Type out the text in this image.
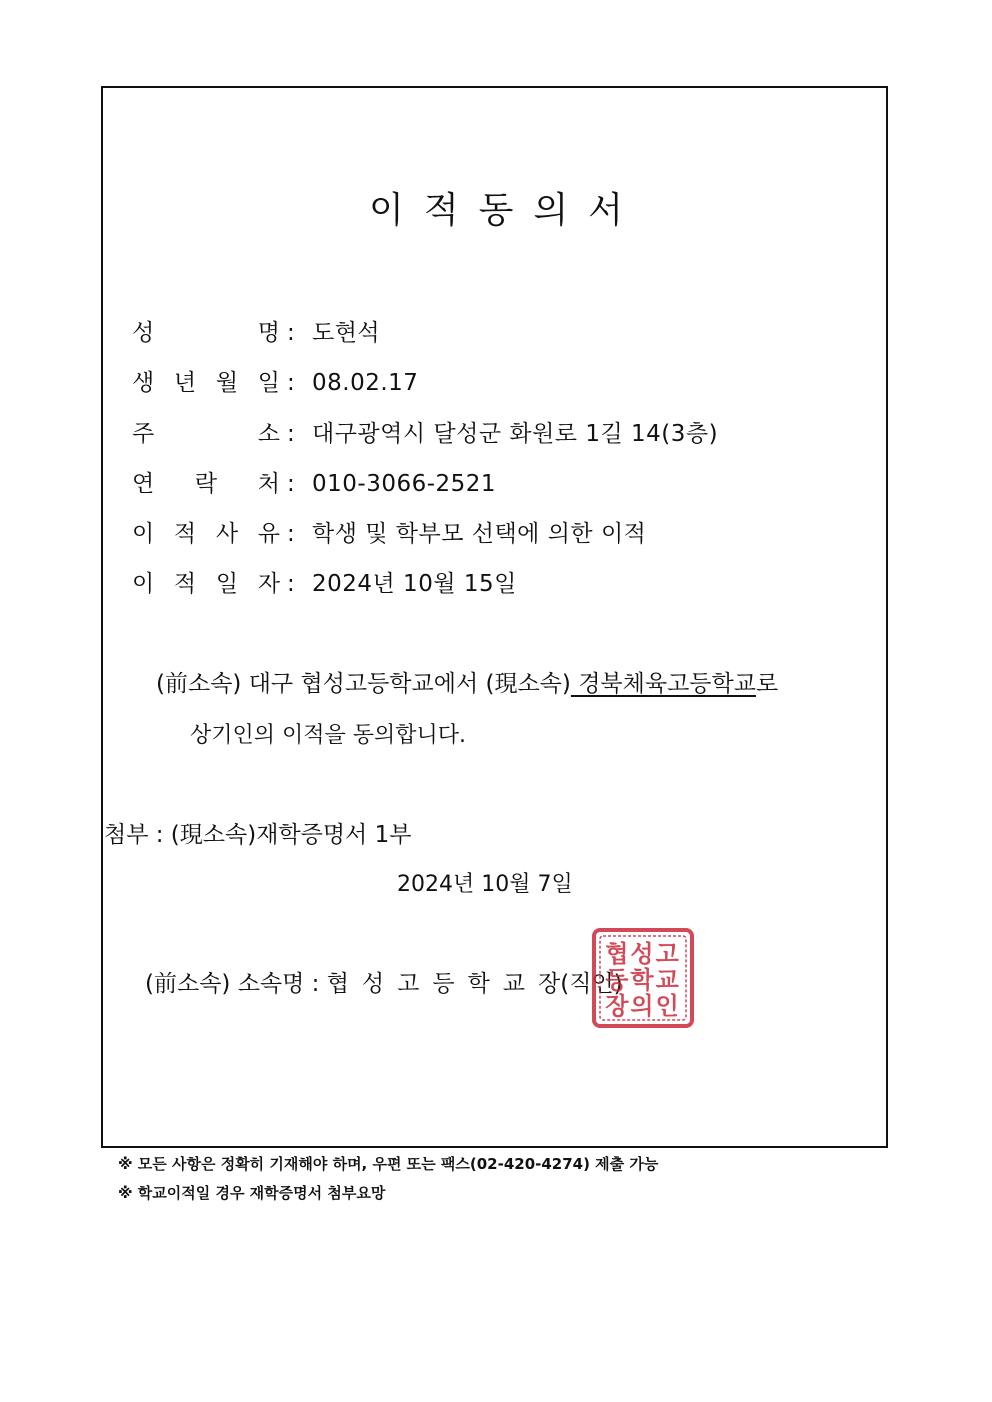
이적동의서
성	명 : 도현석
생 년 월 일 : 08.02.17
주	소 : 대구광역시 달성군 화원로 1길 14(3층)
연 락 처 : 010-3066-2521
이 적 사 유 : 학생 및 학부모 선택에 의한 이적
이 적 일 자 : 2024년 10월 15일
(前소속) 대구 협성고등학교에서 (現소속) 경북체육고등학교로
상기인의 이적을 동의합니다.
첨부 : (現소속)재학증명서 1부
2024년 10월 7일
(前소속) 소속명 : 협성고등학교장(직인)
협성고
등학교
장의인
※ 모든 사항은 정확히 기재해야 하며, 우편 또는 팩스(02-420-4274) 제출 가능
※ 학교이적일 경우 재학증명서 첨부요망
